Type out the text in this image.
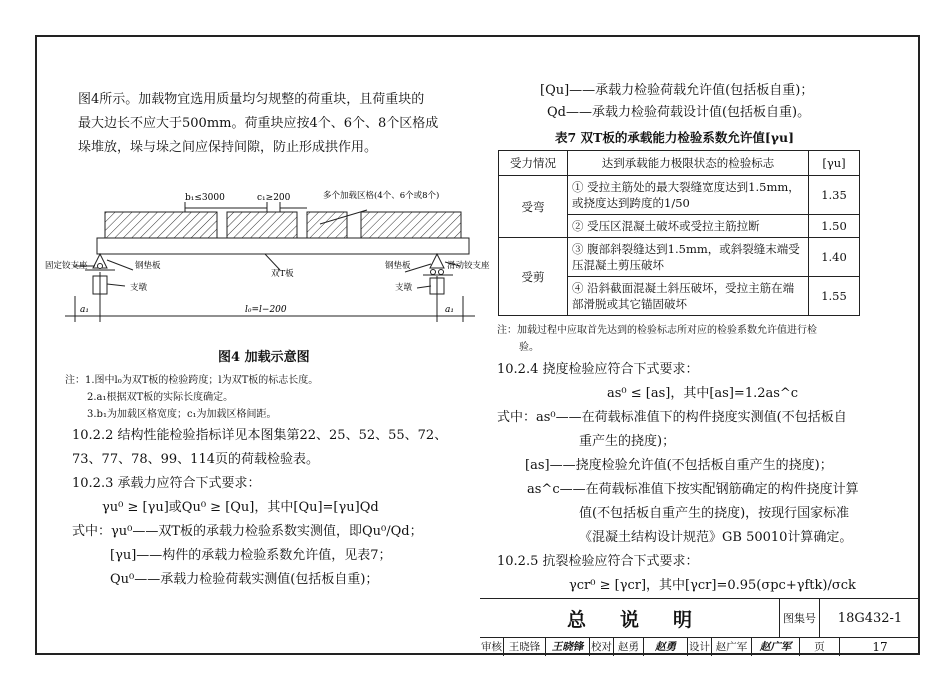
图4所示。加载物宜选用质量均匀规整的荷重块，且荷重块的
最大边长不应大于500mm。荷重块应按4个、6个、8个区格成
垛堆放，垛与垛之间应保持间隙，防止形成拱作用。
b₁≤3000	c₁≥200	多个加载区格(4个、6个或8个)
固定铰支座	钢垫板
支墩
双T板
钢垫板	滑动铰支座
支墩
a₁	l₀=l−200	a₁
图4 加载示意图
注：1.图中l₀为双T板的检验跨度；l为双T板的标志长度。
2.a₁根据双T板的实际长度确定。
3.b₁为加载区格宽度；c₁为加载区格间距。
10.2.2 结构性能检验指标详见本图集第22、25、52、55、72、
73、77、78、99、114页的荷载检验表。
10.2.3 承载力应符合下式要求：
γu⁰ ≥ [γu]或Qu⁰ ≥ [Qu]，其中[Qu]=[γu]Qd
式中：γu⁰——双T板的承载力检验系数实测值，即Qu⁰/Qd；
[γu]——构件的承载力检验系数允许值，见表7；
Qu⁰——承载力检验荷载实测值(包括板自重)；
[Qu]——承载力检验荷载允许值(包括板自重)；
Qd——承载力检验荷载设计值(包括板自重)。
表7 双T板的承载能力检验系数允许值[γu]
受力情况	达到承载能力极限状态的检验标志	[γu]
受弯	① 受拉主筋处的最大裂缝宽度达到1.5mm，或挠度达到跨度的1/50	1.35
	② 受压区混凝土破坏或受拉主筋拉断	1.50
受剪	③ 腹部斜裂缝达到1.5mm，或斜裂缝末端受压混凝土剪压破坏	1.40
	④ 沿斜截面混凝土斜压破坏，受拉主筋在端部滑脱或其它锚固破坏	1.55
注：加载过程中应取首先达到的检验标志所对应的检验系数允许值进行检
验。
10.2.4 挠度检验应符合下式要求：
as⁰ ≤ [as]，其中[as]=1.2as^c
式中：as⁰——在荷载标准值下的构件挠度实测值(不包括板自
重产生的挠度)；
[as]——挠度检验允许值(不包括板自重产生的挠度)；
as^c——在荷载标准值下按实配钢筋确定的构件挠度计算
值(不包括板自重产生的挠度)，按现行国家标准
《混凝土结构设计规范》GB 50010计算确定。
10.2.5 抗裂检验应符合下式要求：
γcr⁰ ≥ [γcr]，其中[γcr]=0.95(σpc+γftk)/σck
总说明	图集号	18G432-1
审核 王晓锋	王晓锋 校对 赵勇	赵勇	设计 赵广军	赵广军	页	17
